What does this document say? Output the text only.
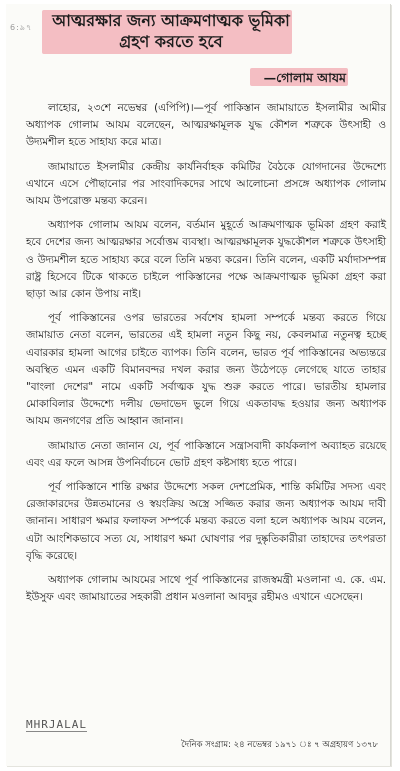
6:৯৭	আত্মরক্ষার জন্য আক্রমণাত্মক ভূমিকা
গ্রহণ করতে হবে
—গোলাম আযম

লাহোর, ২৩শে নভেম্বর (এপিপি)।—পূর্ব পাকিস্তান জামায়াতে ইসলামীর আমীর অধ্যাপক গোলাম আযম বলেছেন, আত্মরক্ষামূলক যুদ্ধ কৌশল শত্রুকে উৎসাহী ও উদ্যমশীল হতে সাহায্য করে মাত্র।

জামায়াতে ইসলামীর কেন্দ্রীয় কার্যনির্বাহক কমিটির বৈঠকে যোগদানের উদ্দেশ্যে এখানে এসে পৌছানোর পর সাংবাদিকদের সাথে আলোচনা প্রসঙ্গে অধ্যাপক গোলাম আযম উপরোক্ত মন্তব্য করেন।

অধ্যাপক গোলাম আযম বলেন, বর্তমান মুহূর্তে আক্রমণাত্মক ভূমিকা গ্রহণ করাই হবে দেশের জন্য আত্মরক্ষার সর্বোত্তম ব্যবস্থা। আত্মরক্ষামূলক যুদ্ধকৌশল শত্রুকে উৎসাহী ও উদ্যমশীল হতে সাহায্য করে বলে তিনি মন্তব্য করেন। তিনি বলেন, একটি মর্যাদাসম্পন্ন রাষ্ট্র হিসেবে টিকে থাকতে চাইলে পাকিস্তানের পক্ষে আক্রমণাত্মক ভূমিকা গ্রহণ করা ছাড়া আর কোন উপায় নাই।

পূর্ব পাকিস্তানের ওপর ভারতের সর্বশেষ হামলা সম্পর্কে মন্তব্য করতে গিয়ে জামায়াত নেতা বলেন, ভারতের এই হামলা নতুন কিছু নয়, কেবলমাত্র নতুনত্ব হচ্ছে এবারকার হামলা আগের চাইতে ব্যাপক। তিনি বলেন, ভারত পূর্ব পাকিস্তানের অভ্যন্তরে অবস্থিত এমন একটি বিমানবন্দর দখল করার জন্য উঠেপড়ে লেগেছে যাতে তাহার "বাংলা দেশের" নামে একটি সর্বাত্মক যুদ্ধ শুরু করতে পারে। ভারতীয় হামলার মোকাবিলার উদ্দেশ্যে দলীয় ভেদাভেদ ভুলে গিয়ে একতাবদ্ধ হওয়ার জন্য অধ্যাপক আযম জনগণের প্রতি আহ্বান জানান।

জামায়াত নেতা জানান যে, পূর্ব পাকিস্তানে সন্ত্রাসবাদী কার্যকলাপ অব্যাহত রয়েছে এবং এর ফলে আসন্ন উপনির্বাচনে ভোট গ্রহণ কষ্টসাধ্য হতে পারে।

পূর্ব পাকিস্তানে শান্তি রক্ষার উদ্দেশ্যে সকল দেশপ্রেমিক, শান্তি কমিটির সদস্য এবং রেজাকারদের উন্নতমানের ও স্বয়ংক্রিয় অস্ত্রে সজ্জিত করার জন্য অধ্যাপক আযম দাবী জানান। সাধারণ ক্ষমার ফলাফল সম্পর্কে মন্তব্য করতে বলা হলে অধ্যাপক আযম বলেন, এটা আংশিকভাবে সত্য যে, সাধারণ ক্ষমা ঘোষণার পর দুষ্কৃতিকারীরা তাহাদের তৎপরতা বৃদ্ধি করেছে।

অধ্যাপক গোলাম আযমের সাথে পূর্ব পাকিস্তানের রাজস্বমন্ত্রী মওলানা এ. কে. এম. ইউসুফ এবং জামায়াতের সহকারী প্রধান মওলানা আবদুর রহীমও এখানে এসেছেন।

MHRJALAL
দৈনিক সংগ্রাম: ২৪ নভেম্বর ১৯৭১ ঃ ৭ অগ্রহায়ণ ১৩৭৮
